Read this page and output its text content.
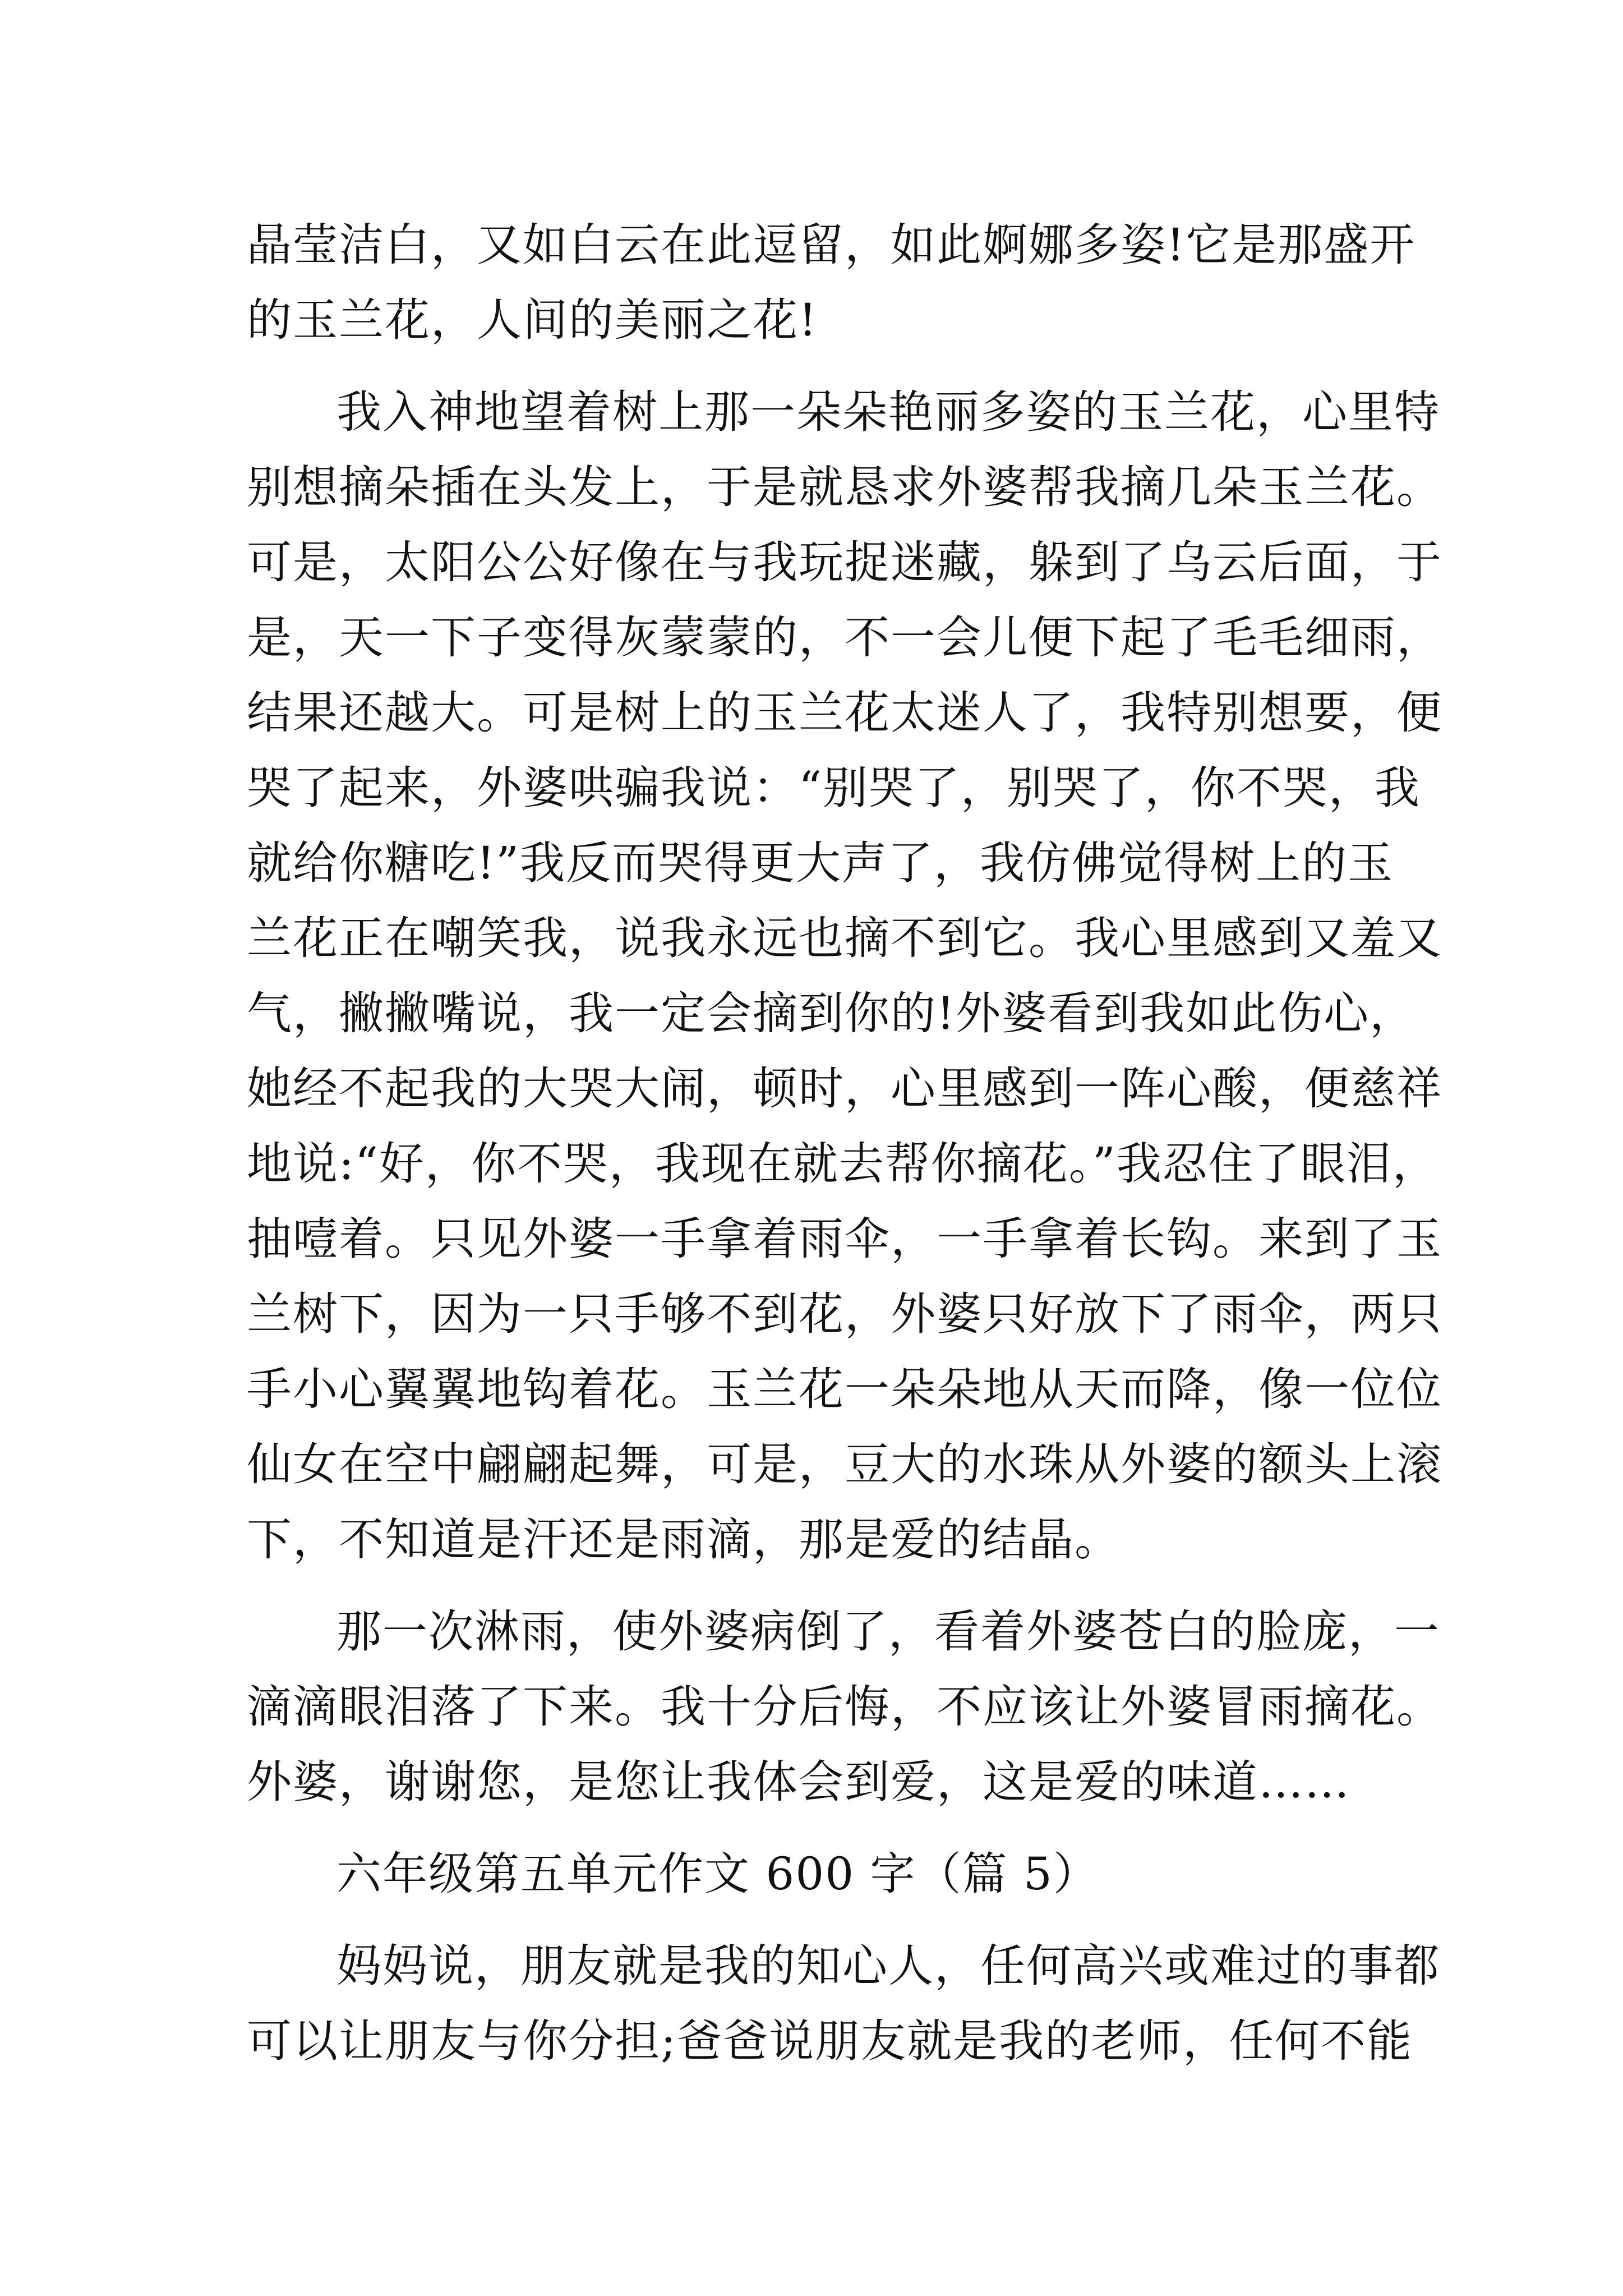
晶莹洁白，又如白云在此逗留，如此婀娜多姿!它是那盛开
的玉兰花，人间的美丽之花!
我入神地望着树上那一朵朵艳丽多姿的玉兰花，心里特
别想摘朵插在头发上，于是就恳求外婆帮我摘几朵玉兰花。
可是，太阳公公好像在与我玩捉迷藏，躲到了乌云后面，于
是，天一下子变得灰蒙蒙的，不一会儿便下起了毛毛细雨，
结果还越大。可是树上的玉兰花太迷人了，我特别想要，便
哭了起来，外婆哄骗我说：“别哭了，别哭了，你不哭，我
就给你糖吃!”我反而哭得更大声了，我仿佛觉得树上的玉
兰花正在嘲笑我，说我永远也摘不到它。我心里感到又羞又
气，撇撇嘴说，我一定会摘到你的!外婆看到我如此伤心，
她经不起我的大哭大闹，顿时，心里感到一阵心酸，便慈祥
地说:“好，你不哭，我现在就去帮你摘花。”我忍住了眼泪，
抽噎着。只见外婆一手拿着雨伞，一手拿着长钩。来到了玉
兰树下，因为一只手够不到花，外婆只好放下了雨伞，两只
手小心翼翼地钩着花。玉兰花一朵朵地从天而降，像一位位
仙女在空中翩翩起舞，可是，豆大的水珠从外婆的额头上滚
下，不知道是汗还是雨滴，那是爱的结晶。
那一次淋雨，使外婆病倒了，看着外婆苍白的脸庞，一
滴滴眼泪落了下来。我十分后悔，不应该让外婆冒雨摘花。
外婆，谢谢您，是您让我体会到爱，这是爱的味道……
六年级第五单元作文 600 字（篇 5）
妈妈说，朋友就是我的知心人，任何高兴或难过的事都
可以让朋友与你分担;爸爸说朋友就是我的老师，任何不能
